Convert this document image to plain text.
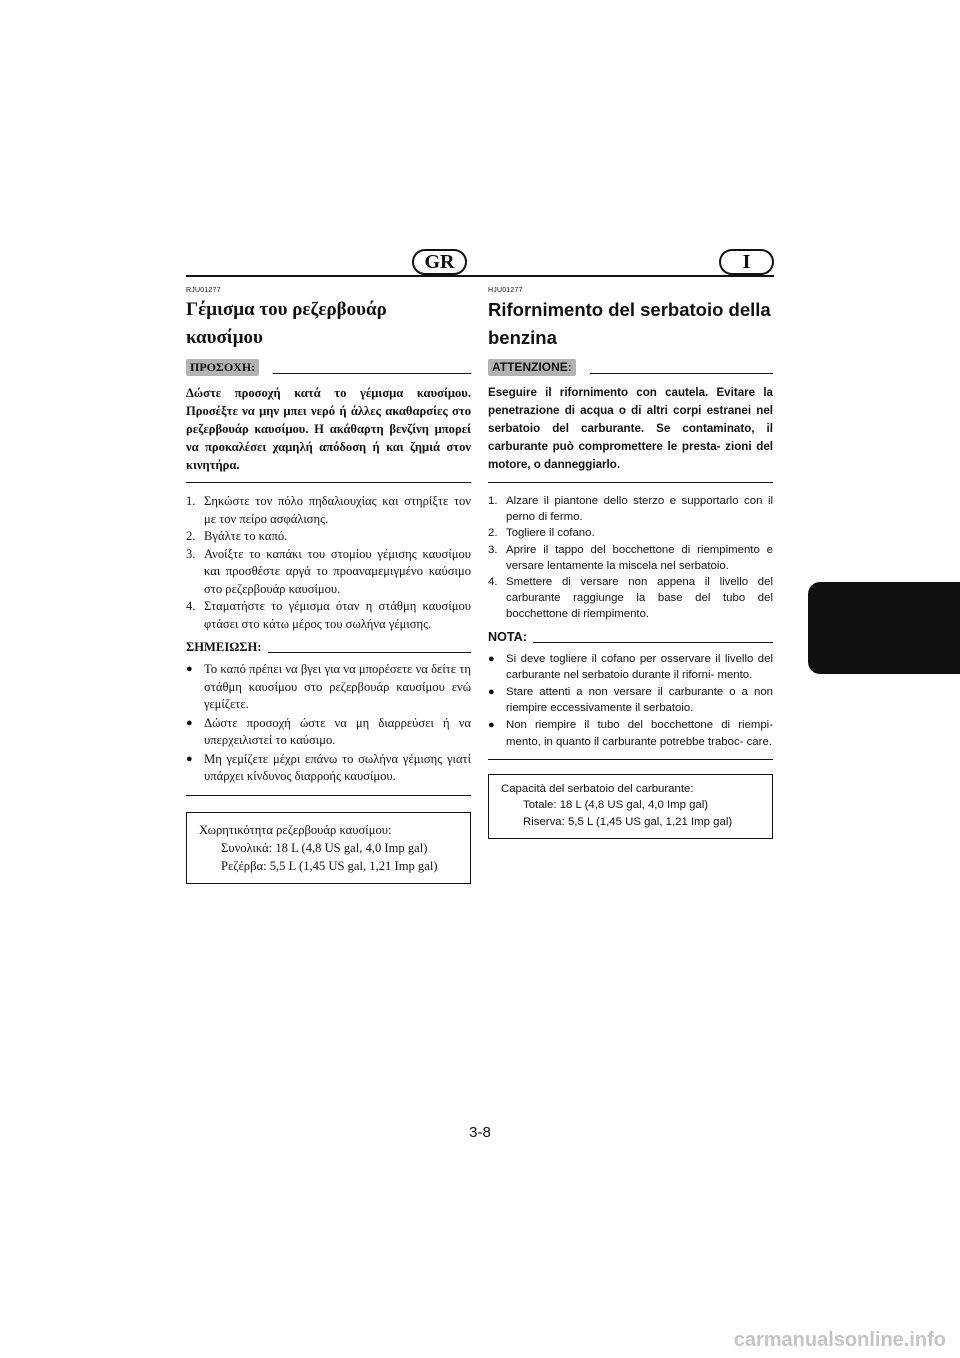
GR	I

RJU01277

Γέμισμα του ρεζερβουάρ
καυσίμου
ΠΡΟΣΟΧΗ:

Δώστε προσοχή κατά το γέμισμα καυσίμου. Προσέξτε να μην μπει νερό ή άλλες ακαθαρσίες στο ρεζερβουάρ καυσίμου. Η ακάθαρτη βενζίνη μπορεί να προκαλέσει χαμηλή απόδοση ή και ζημιά στον κινητήρα.

1. Σηκώστε τον πόλο πηδαλιουχίας και στηρίξτε τον με τον πείρο ασφάλισης.
2. Βγάλτε το καπό.
3. Ανοίξτε το καπάκι του στομίου γέμισης καυσίμου και προσθέστε αργά το προαναμεμιγμένο καύσιμο στο ρεζερβουάρ καυσίμου.
4. Σταματήστε το γέμισμα όταν η στάθμη καυσίμου φτάσει στο κάτω μέρος του σωλήνα γέμισης.
ΣΗΜΕΙΩΣΗ:
● Το καπό πρέπει να βγει για να μπορέσετε να δείτε τη στάθμη καυσίμου στο ρεζερβουάρ καυσίμου ενώ γεμίζετε.
● Δώστε προσοχή ώστε να μη διαρρεύσει ή να υπερχειλιστεί το καύσιμο.
● Μη γεμίζετε μέχρι επάνω το σωλήνα γέμισης γιατί υπάρχει κίνδυνος διαρροής καυσίμου.
Χωρητικότητα ρεζερβουάρ καυσίμου:
Συνολικά: 18 L (4,8 US gal, 4,0 Imp gal)
Ρεζέρβα: 5,5 L (1,45 US gal, 1,21 Imp gal)

HJU01277

Rifornimento del serbatoio della
benzina
ATTENZIONE:

Eseguire il rifornimento con cautela. Evitare la penetrazione di acqua o di altri corpi estranei nel serbatoio del carburante. Se contaminato, il carburante può compromettere le presta- zioni del motore, o danneggiarlo.

1. Alzare il piantone dello sterzo e supportarlo con il perno di fermo.
2. Togliere il cofano.
3. Aprire il tappo del bocchettone di riempimento e versare lentamente la miscela nel serbatoio.
4. Smettere di versare non appena il livello del carburante raggiunge la base del tubo del bocchettone di riempimento.
NOTA:
● Si deve togliere il cofano per osservare il livello del carburante nel serbatoio durante il riforni- mento.
● Stare attenti a non versare il carburante o a non riempire eccessivamente il serbatoio.
● Non riempire il tubo del bocchettone di riempi- mento, in quanto il carburante potrebbe traboc- care.
Capacità del serbatoio del carburante:
Totale: 18 L (4,8 US gal, 4,0 Imp gal)
Riserva: 5,5 L (1,45 US gal, 1,21 Imp gal)
3-8
carmanualsonline.info
